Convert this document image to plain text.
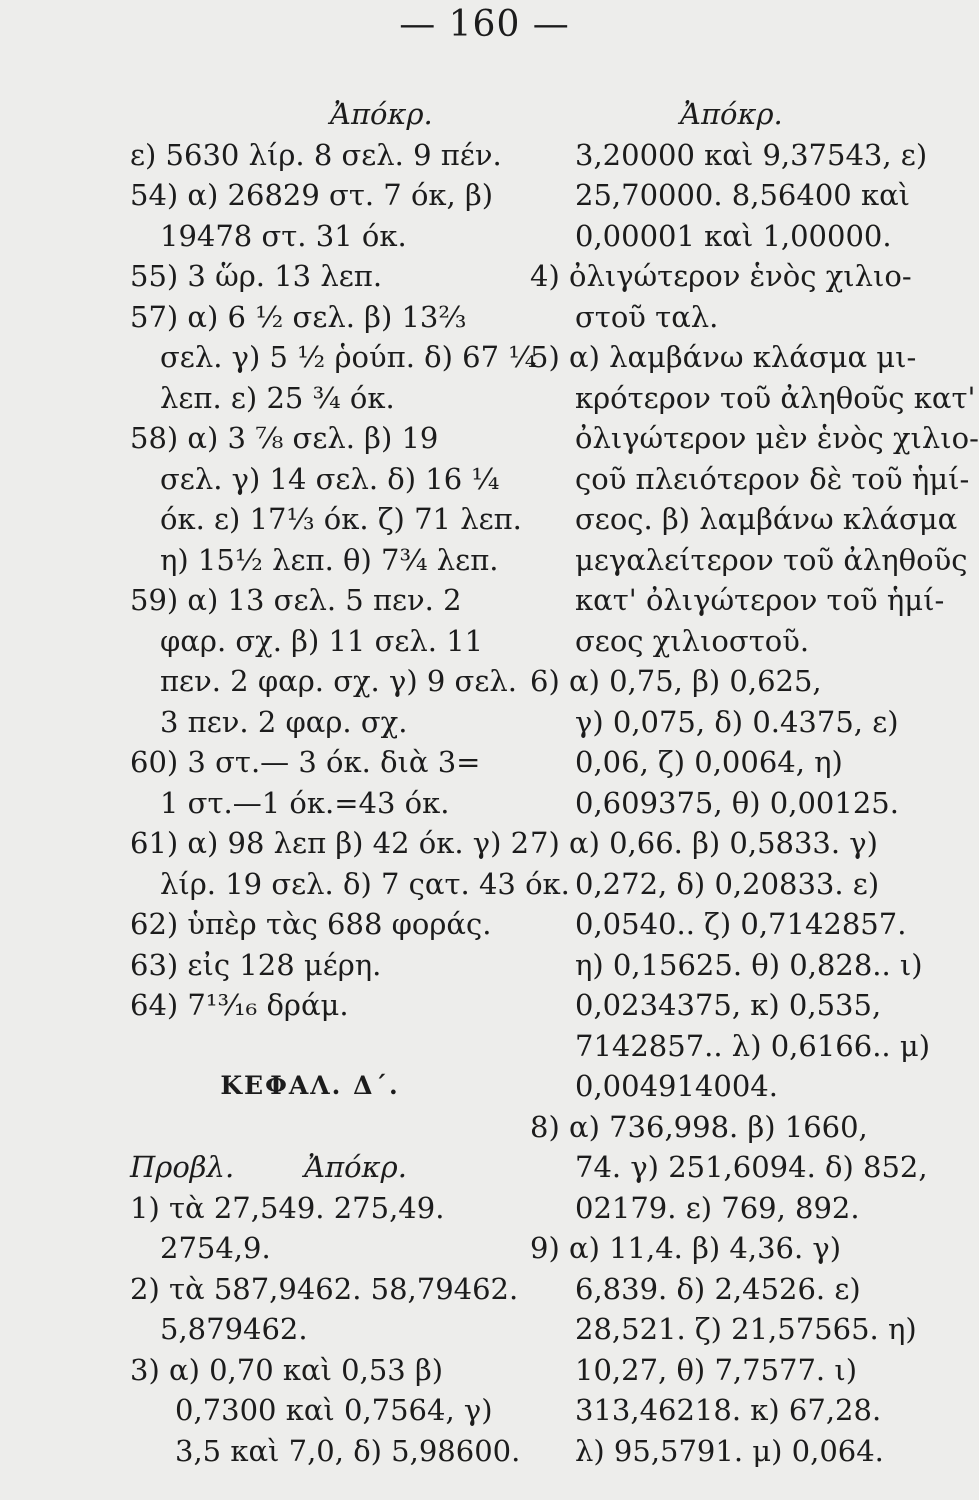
— 160 —
Ἀπόκρ.
ε) 5630 λίρ. 8 σελ. 9 πέν.
54) α) 26829 στ. 7 όκ, β)
19478 στ. 31 όκ.
55) 3 ὥρ. 13 λεπ.
57) α) 6 ½ σελ. β) 13⅔
σελ. γ) 5 ½ ῥούπ. δ) 67 ¼
λεπ. ε) 25 ¾ όκ.
58) α) 3 ⅞ σελ. β) 19
σελ. γ) 14 σελ. δ) 16 ¼
όκ. ε) 17⅓ όκ. ζ) 71 λεπ.
η) 15½ λεπ. θ) 7¾ λεπ.
59) α) 13 σελ. 5 πεν. 2
φαρ. σχ. β) 11 σελ. 11
πεν. 2 φαρ. σχ. γ) 9 σελ.
3 πεν. 2 φαρ. σχ.
60) 3 στ.— 3 όκ. διὰ 3=
1 στ.—1 όκ.=43 όκ.
61) α) 98 λεπ β) 42 όκ. γ) 2
λίρ. 19 σελ. δ) 7 ςατ. 43 όκ.
62) ὑπὲρ τὰς 688 φοράς.
63) εἰς 128 μέρη.
64) 7¹³⁄₁₆ δράμ.
ΚΕΦΑΛ. Δ΄.
Προβλ. Ἀπόκρ.
1) τὰ 27,549. 275,49.
2754,9.
2) τὰ 587,9462. 58,79462.
5,879462.
3) α) 0,70 καὶ 0,53 β)
0,7300 καὶ 0,7564, γ)
3,5 καὶ 7,0, δ) 5,98600.
Ἀπόκρ.
3,20000 καὶ 9,37543, ε)
25,70000. 8,56400 καὶ
0,00001 καὶ 1,00000.
4) ὀλιγώτερον ἑνὸς χιλιο-
στοῦ ταλ.
5) α) λαμβάνω κλάσμα μι-
κρότερον τοῦ ἀληθοῦς κατ'
ὀλιγώτερον μὲν ἑνὸς χιλιο-
ςοῦ πλειότερον δὲ τοῦ ἡμί-
σεος. β) λαμβάνω κλάσμα
μεγαλείτερον τοῦ ἀληθοῦς
κατ' ὀλιγώτερον τοῦ ἡμί-
σεος χιλιοστοῦ.
6) α) 0,75, β) 0,625,
γ) 0,075, δ) 0.4375, ε)
0,06, ζ) 0,0064, η)
0,609375, θ) 0,00125.
7) α) 0,66. β) 0,5833. γ)
0,272, δ) 0,20833. ε)
0,0540.. ζ) 0,7142857.
η) 0,15625. θ) 0,828.. ι)
0,0234375, κ) 0,535,
7142857.. λ) 0,6166.. μ)
0,004914004.
8) α) 736,998. β) 1660,
74. γ) 251,6094. δ) 852,
02179. ε) 769, 892.
9) α) 11,4. β) 4,36. γ)
6,839. δ) 2,4526. ε)
28,521. ζ) 21,57565. η)
10,27, θ) 7,7577. ι)
313,46218. κ) 67,28.
λ) 95,5791. μ) 0,064.
